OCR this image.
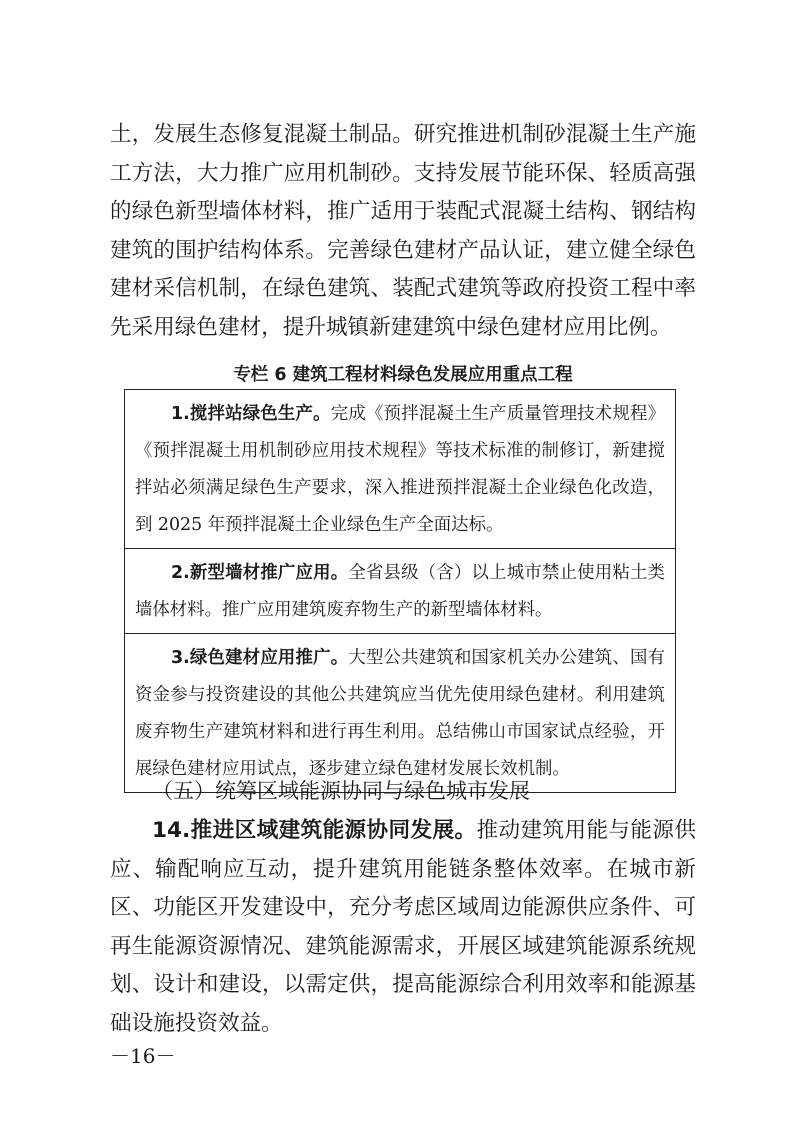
土，发展生态修复混凝土制品。研究推进机制砂混凝土生产施工方法，大力推广应用机制砂。支持发展节能环保、轻质高强的绿色新型墙体材料，推广适用于装配式混凝土结构、钢结构建筑的围护结构体系。完善绿色建材产品认证，建立健全绿色建材采信机制，在绿色建筑、装配式建筑等政府投资工程中率先采用绿色建材，提升城镇新建建筑中绿色建材应用比例。

专栏 6 建筑工程材料绿色发展应用重点工程
1.搅拌站绿色生产。完成《预拌混凝土生产质量管理技术规程》《预拌混凝土用机制砂应用技术规程》等技术标准的制修订，新建搅拌站必须满足绿色生产要求，深入推进预拌混凝土企业绿色化改造，到 2025 年预拌混凝土企业绿色生产全面达标。
2.新型墙材推广应用。全省县级（含）以上城市禁止使用粘土类墙体材料。推广应用建筑废弃物生产的新型墙体材料。
3.绿色建材应用推广。大型公共建筑和国家机关办公建筑、国有资金参与投资建设的其他公共建筑应当优先使用绿色建材。利用建筑废弃物生产建筑材料和进行再生利用。总结佛山市国家试点经验，开展绿色建材应用试点，逐步建立绿色建材发展长效机制。
（五）统筹区域能源协同与绿色城市发展

14.推进区域建筑能源协同发展。推动建筑用能与能源供应、输配响应互动，提升建筑用能链条整体效率。在城市新区、功能区开发建设中，充分考虑区域周边能源供应条件、可再生能源资源情况、建筑能源需求，开展区域建筑能源系统规划、设计和建设，以需定供，提高能源综合利用效率和能源基础设施投资效益。

－16－
